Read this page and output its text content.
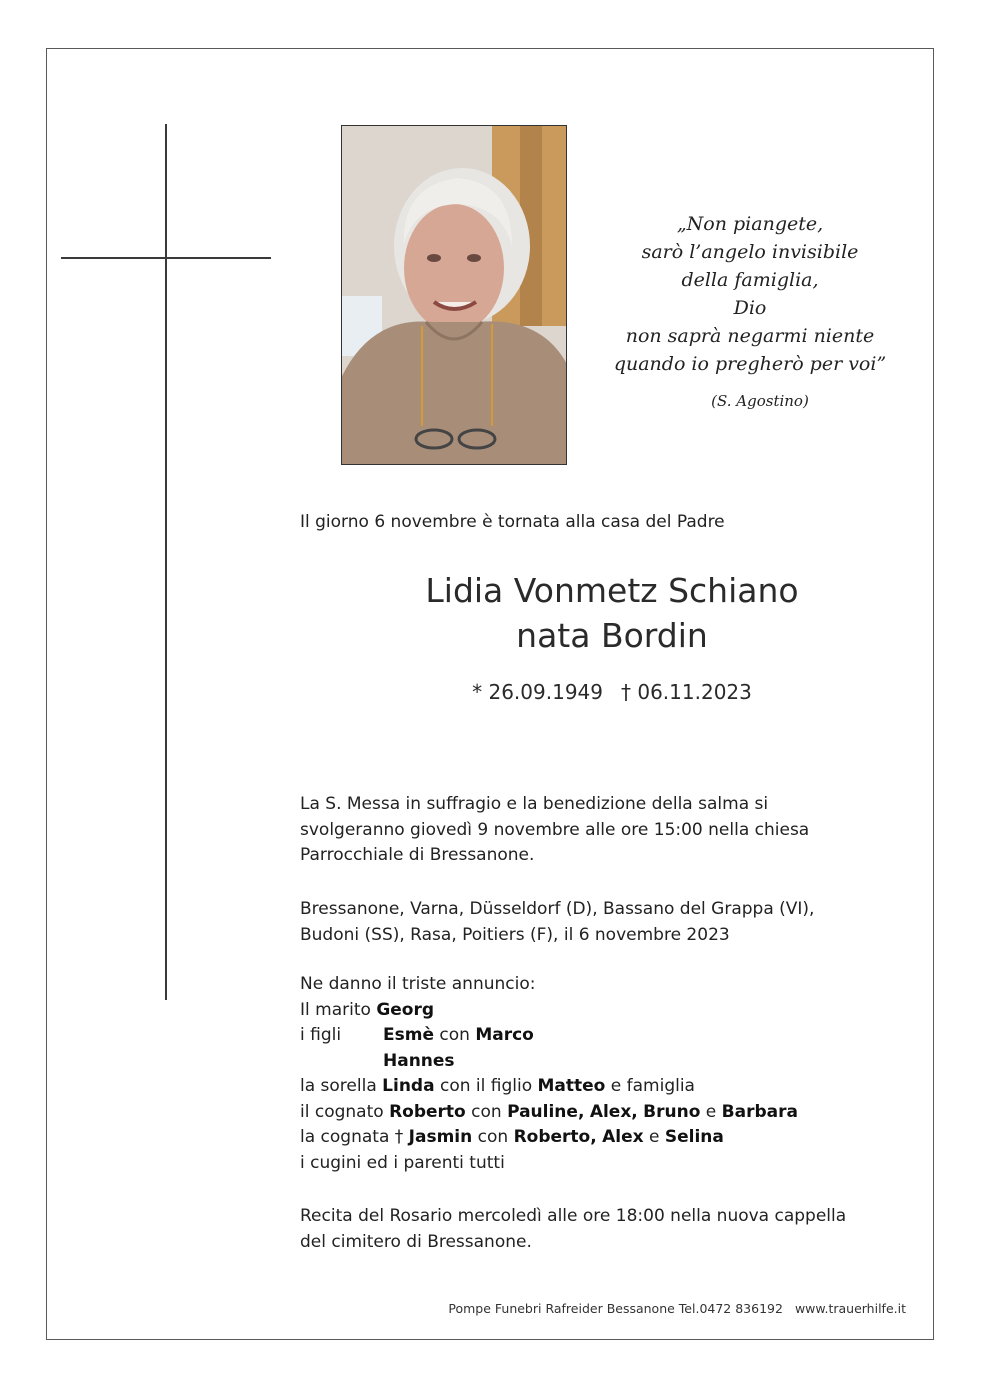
„Non piangete,
sarò l’angelo invisibile
della famiglia,
Dio
non saprà negarmi niente
quando io pregherò per voi”
(S. Agostino)
Il giorno 6 novembre è tornata alla casa del Padre
Lidia Vonmetz Schiano
nata Bordin
* 26.09.1949 † 06.11.2023
La S. Messa in suffragio e la benedizione della salma si
svolgeranno giovedì 9 novembre alle ore 15:00 nella chiesa
Parrocchiale di Bressanone.
Bressanone, Varna, Düsseldorf (D), Bassano del Grappa (VI),
Budoni (SS), Rasa, Poitiers (F), il 6 novembre 2023
Ne danno il triste annuncio:
Il marito Georg
i figli Esmè con Marco
Hannes
la sorella Linda con il figlio Matteo e famiglia
il cognato Roberto con Pauline, Alex, Bruno e Barbara
la cognata † Jasmin con Roberto, Alex e Selina
i cugini ed i parenti tutti
Recita del Rosario mercoledì alle ore 18:00 nella nuova cappella
del cimitero di Bressanone.
Pompe Funebri Rafreider Bessanone Tel.0472 836192 www.trauerhilfe.it
